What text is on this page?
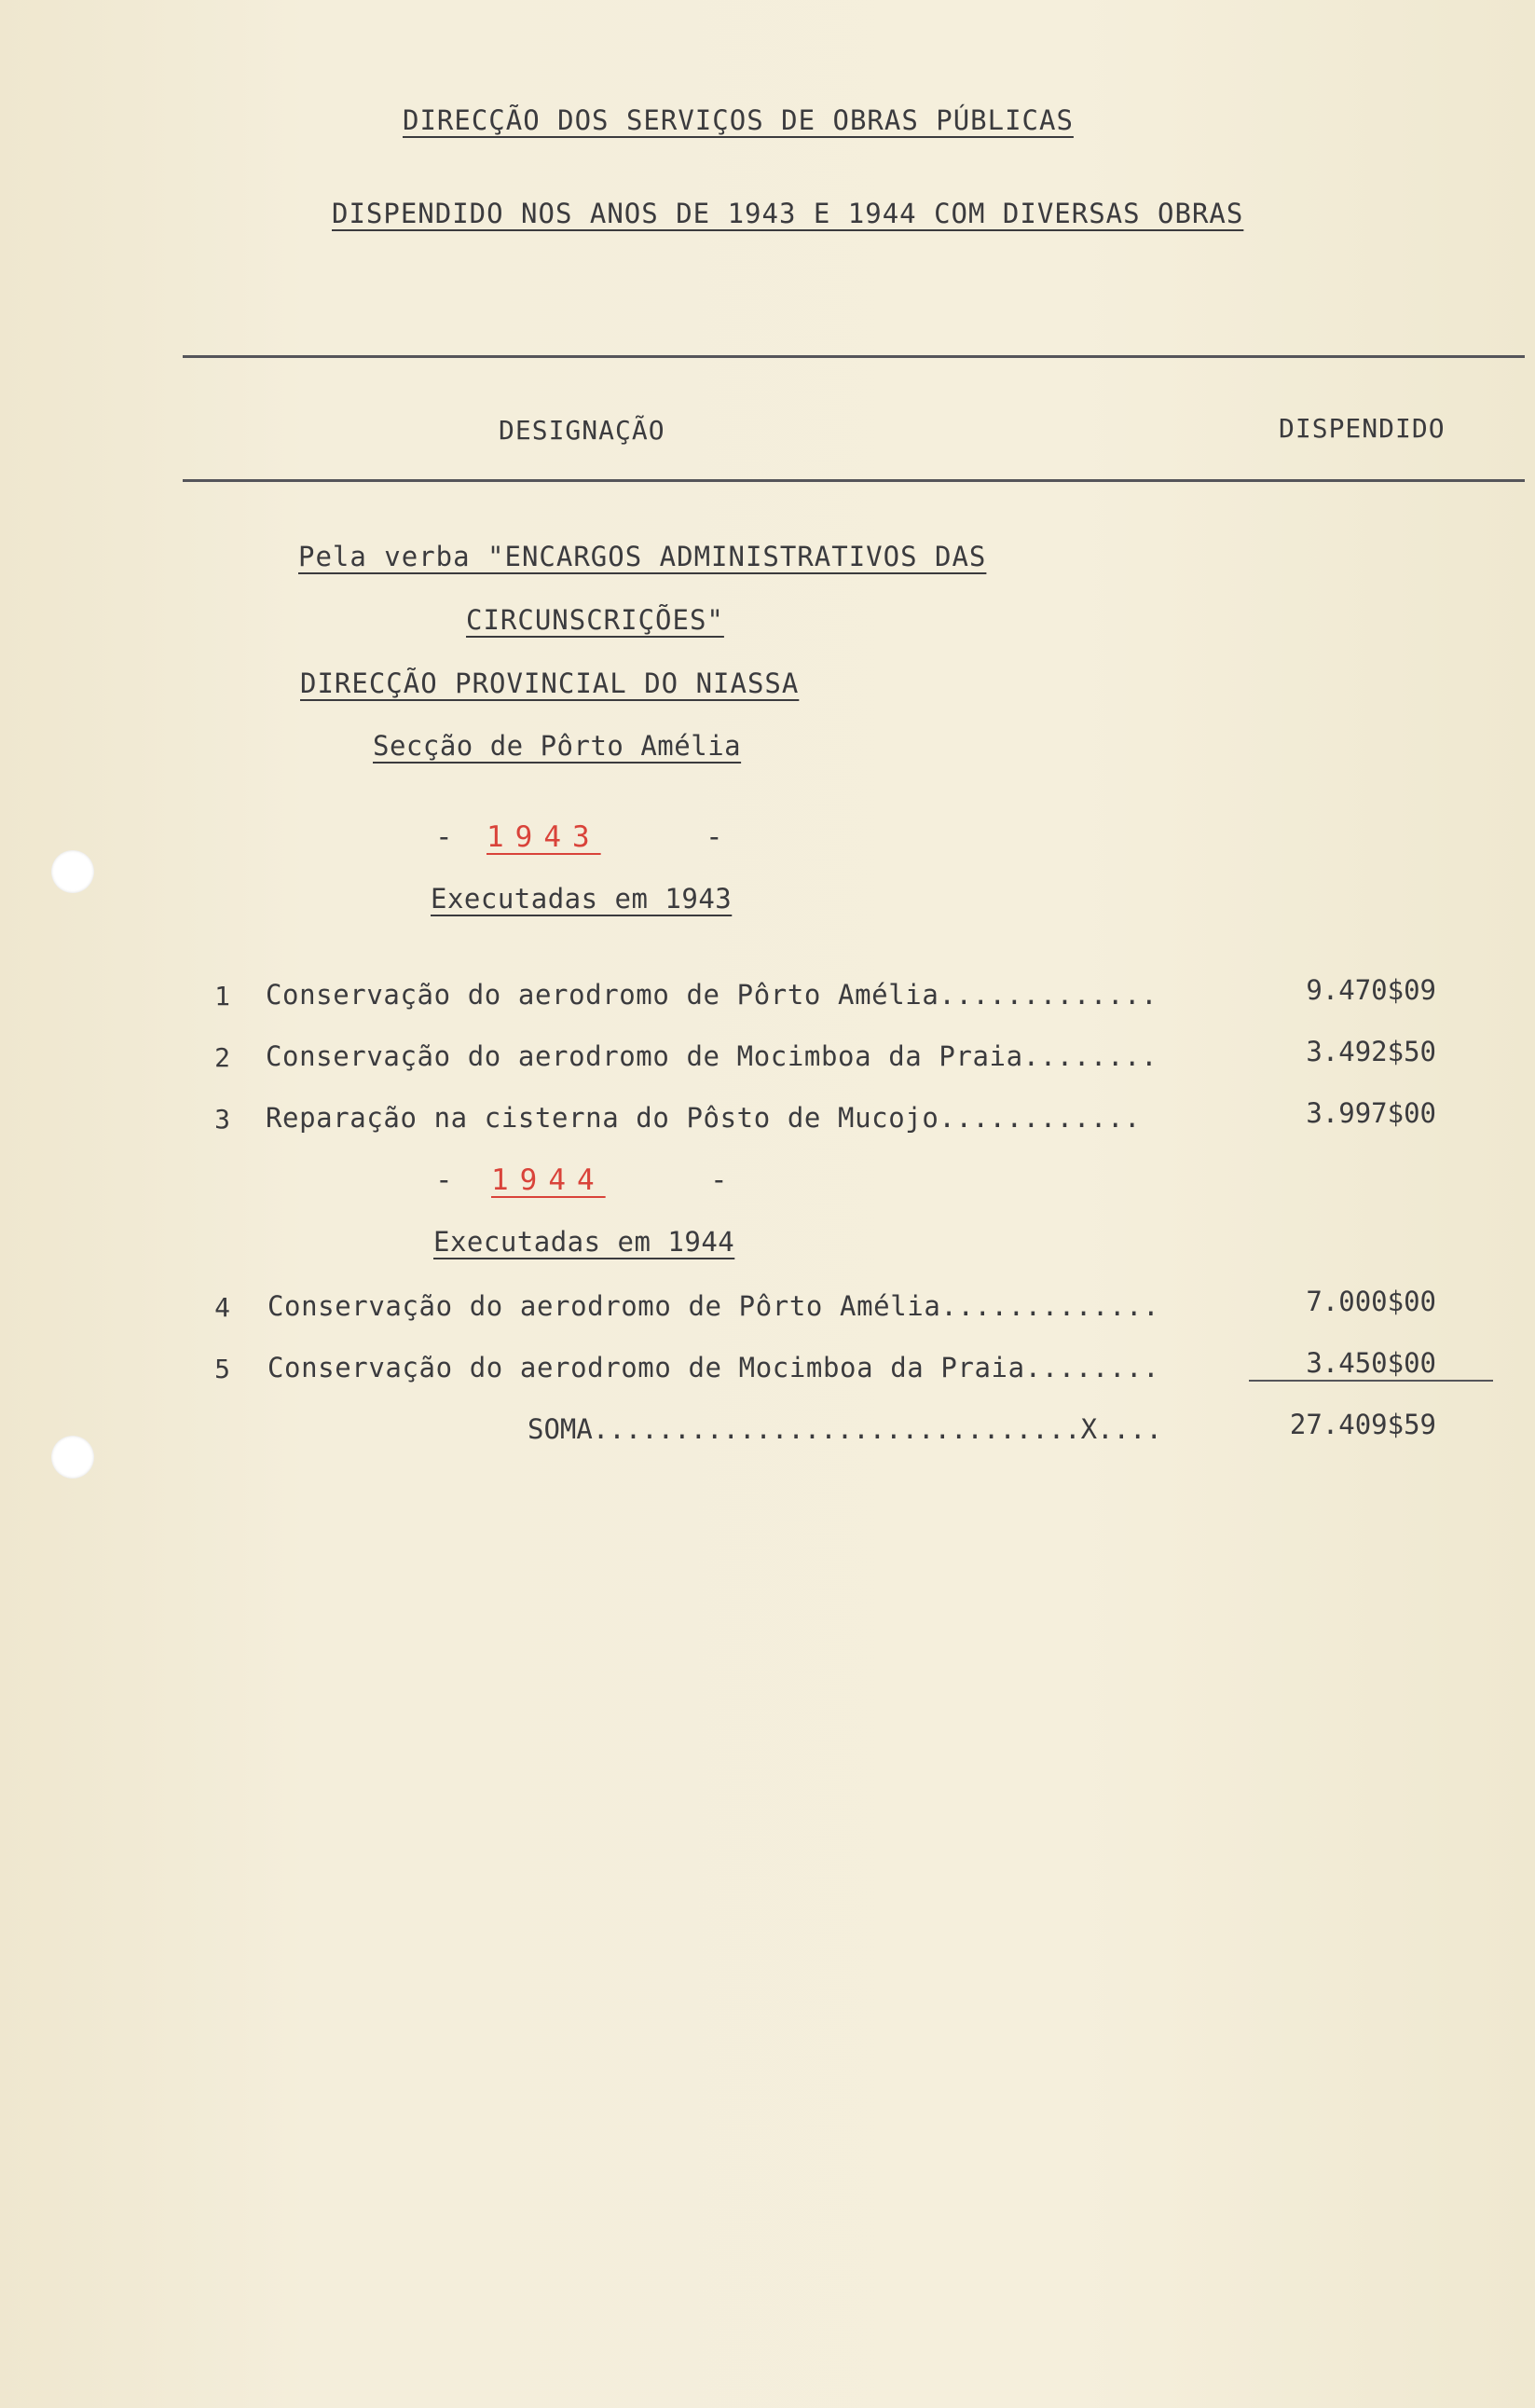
DIRECÇÃO DOS SERVIÇOS DE OBRAS PÚBLICAS
DISPENDIDO NOS ANOS DE 1943 E 1944 COM DIVERSAS OBRAS
DESIGNAÇÃO	DISPENDIDO
Pela verba "ENCARGOS ADMINISTRATIVOS DAS
CIRCUNSCRIÇÕES"
DIRECÇÃO PROVINCIAL DO NIASSA
Secção de Pôrto Amélia
- 1943	-
Executadas em 1943
1 Conservação do aerodromo de Pôrto Amélia.............	9.470$09
2 Conservação do aerodromo de Mocimboa da Praia........	3.492$50
3 Reparação na cisterna do Pôsto de Mucojo............	3.997$00
- 1944	-
Executadas em 1944
4 Conservação do aerodromo de Pôrto Amélia.............	7.000$00
5 Conservação do aerodromo de Mocimboa da Praia........	3.450$00
SOMA..............................X....	27.409$59
